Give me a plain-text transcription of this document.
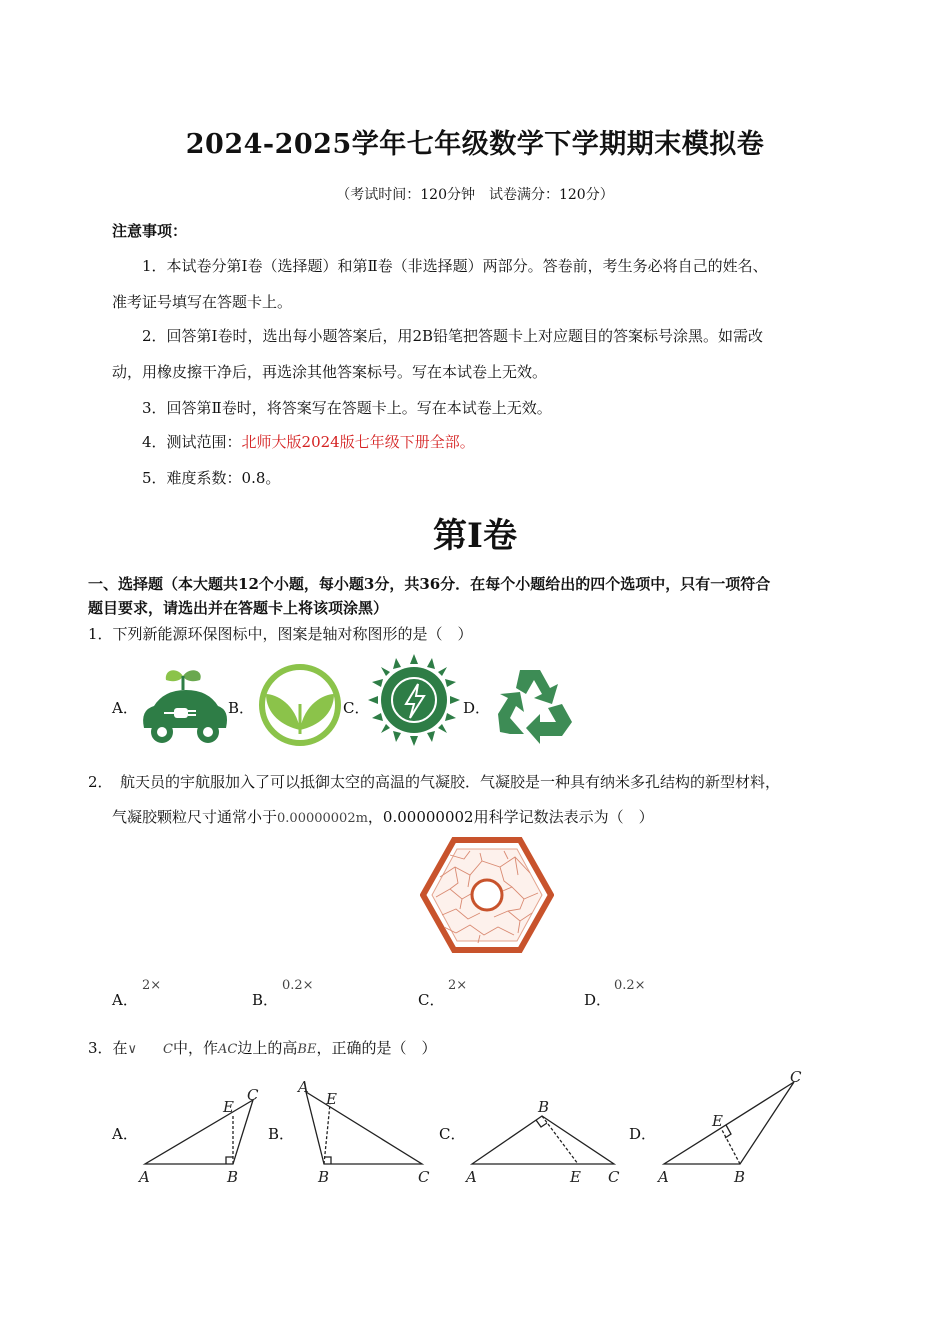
2024-2025学年七年级数学下学期期末模拟卷
（考试时间：120分钟　试卷满分：120分）
注意事项：
1．本试卷分第Ⅰ卷（选择题）和第Ⅱ卷（非选择题）两部分。答卷前，考生务必将自己的姓名、
准考证号填写在答题卡上。
2．回答第Ⅰ卷时，选出每小题答案后，用2B铅笔把答题卡上对应题目的答案标号涂黑。如需改
动，用橡皮擦干净后，再选涂其他答案标号。写在本试卷上无效。
3．回答第Ⅱ卷时，将答案写在答题卡上。写在本试卷上无效。
4．测试范围：北师大版2024版七年级下册全部。
5．难度系数：0.8。
第Ⅰ卷
一、选择题（本大题共12个小题，每小题3分，共36分．在每个小题给出的四个选项中，只有一项符合
题目要求，请选出并在答题卡上将该项涂黑）
1．下列新能源环保图标中，图案是轴对称图形的是（　）
A．	B．	C．	D．
2．　航天员的宇航服加入了可以抵御太空的高温的气凝胶．气凝胶是一种具有纳米多孔结构的新型材料，
气凝胶颗粒尺寸通常小于0.00000002m，0.00000002用科学记数法表示为（　）
A．
2×
B．
0.2×
C．
2×
D．
0.2×
3．在∨　　C中，作AC边上的高BE，正确的是（　）
A．
A	B
C
E
B．
A
B	C
E
C．
A
B
C
E
D．
A	B
C
E
